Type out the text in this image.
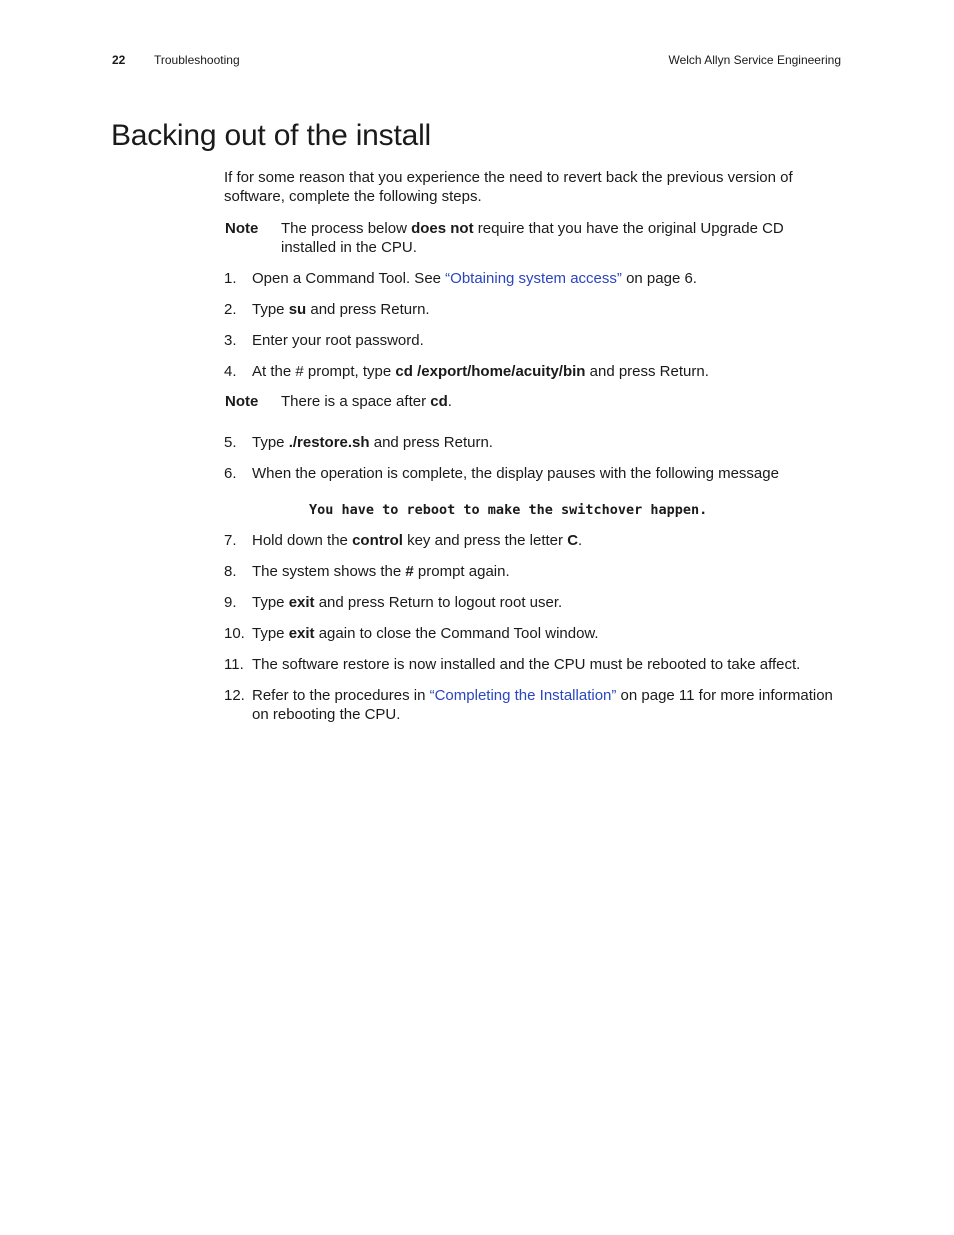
22 Troubleshooting	Welch Allyn Service Engineering
Backing out of the install

If for some reason that you experience the need to revert back the previous version of software, complete the following steps.

Note	The process below does not require that you have the original Upgrade CD installed in the CPU.
1.	Open a Command Tool. See “Obtaining system access” on page 6.
2.	Type su and press Return.
3.	Enter your root password.
4.	At the # prompt, type cd /export/home/acuity/bin and press Return.
Note	There is a space after cd.
5.	Type ./restore.sh and press Return.
6.	When the operation is complete, the display pauses with the following message
You have to reboot to make the switchover happen.
7.	Hold down the control key and press the letter C.
8.	The system shows the # prompt again.
9.	Type exit and press Return to logout root user.
10. Type exit again to close the Command Tool window.
11. The software restore is now installed and the CPU must be rebooted to take affect.
12. Refer to the procedures in “Completing the Installation” on page 11 for more information on rebooting the CPU.
